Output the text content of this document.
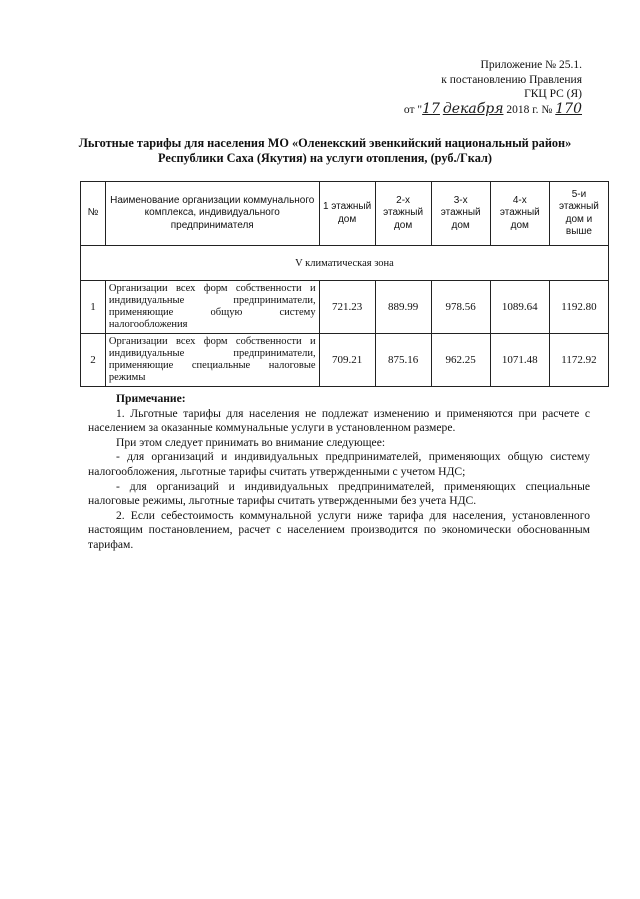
Приложение № 25.1.
к постановлению Правления
ГКЦ РС (Я)
от "17 декабря 2018 г. № 170
Льготные тарифы для населения МО «Оленекский эвенкийский национальный район»
Республики Саха (Якутия) на услуги отопления, (руб./Гкал)
№	Наименование организации коммунального комплекса, индивидуального предпринимателя	1 этажный дом	2-х этажный дом	3-х этажный дом	4-х этажный дом	5-и этажный дом и выше
V климатическая зона						
1	Организации всех форм собственности и индивидуальные предприниматели, применяющие общую систему налогообложения	721.23	889.99	978.56	1089.64	1192.80
2	Организации всех форм собственности и индивидуальные предприниматели, применяющие специальные налоговые режимы	709.21	875.16	962.25	1071.48	1172.92

Примечание:

1. Льготные тарифы для населения не подлежат изменению и применяются при расчете с населением за оказанные коммунальные услуги в установленном размере.

При этом следует принимать во внимание следующее:

- для организаций и индивидуальных предпринимателей, применяющих общую систему налогообложения, льготные тарифы считать утвержденными с учетом НДС;

- для организаций и индивидуальных предпринимателей, применяющих специальные налоговые режимы, льготные тарифы считать утвержденными без учета НДС.

2. Если себестоимость коммунальной услуги ниже тарифа для населения, установленного настоящим постановлением, расчет с населением производится по экономически обоснованным тарифам.
